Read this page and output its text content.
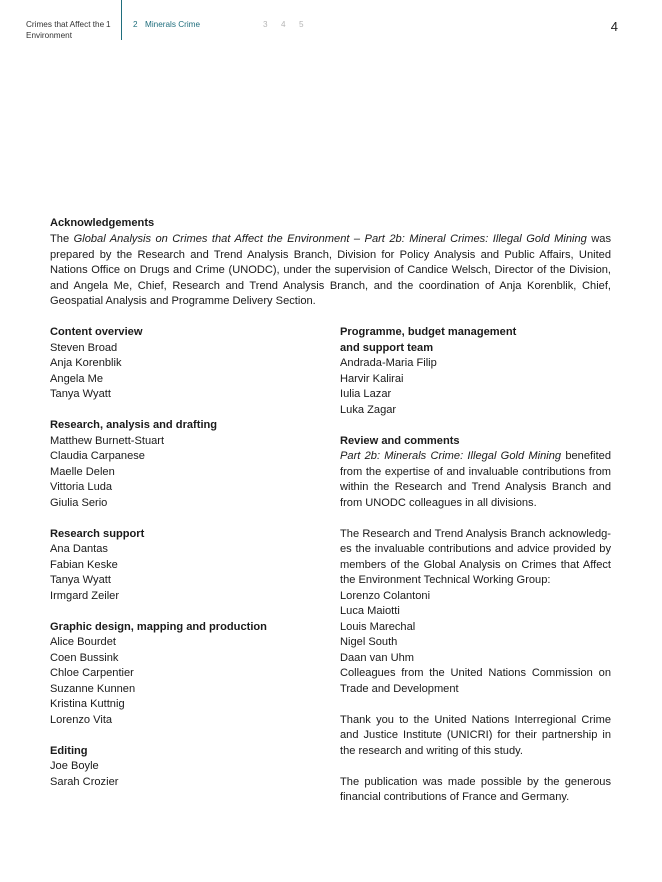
Crimes that Affect the Environment
1	2 Minerals Crime	3 4 5	4
Acknowledgements

The Global Analysis on Crimes that Affect the Environment – Part 2b: Mineral Crimes: Illegal Gold Mining was prepared by the Research and Trend Analysis Branch, Division for Policy Analysis and Public Affairs, United Nations Office on Drugs and Crime (UNODC), under the supervision of Candice Welsch, Director of the Division, and Angela Me, Chief, Research and Trend Analysis Branch, and the coordination of Anja Korenblik, Chief, Geospatial Analysis and Programme Delivery Section.

Content overview
Steven Broad
Anja Korenblik
Angela Me
Tanya Wyatt
Research, analysis and drafting
Matthew Burnett-Stuart
Claudia Carpanese
Maelle Delen
Vittoria Luda
Giulia Serio
Research support
Ana Dantas
Fabian Keske
Tanya Wyatt
Irmgard Zeiler
Graphic design, mapping and production
Alice Bourdet
Coen Bussink
Chloe Carpentier
Suzanne Kunnen
Kristina Kuttnig
Lorenzo Vita
Editing
Joe Boyle
Sarah Crozier
Programme, budget management
and support team
Andrada-Maria Filip
Harvir Kalirai
Iulia Lazar
Luka Zagar
Review and comments

Part 2b: Minerals Crime: Illegal Gold Mining benefited from the expertise of and invaluable contributions from within the Research and Trend Analysis Branch and from UNODC colleagues in all divisions.

The Research and Trend Analysis Branch acknowledges the invaluable contributions and advice provided by members of the Global Analysis on Crimes that Affect the Environment Technical Working Group:

Lorenzo Colantoni
Luca Maiotti
Louis Marechal
Nigel South
Daan van Uhm

Colleagues from the United Nations Commission on Trade and Development

Thank you to the United Nations Interregional Crime and Justice Institute (UNICRI) for their partnership in the research and writing of this study.

The publication was made possible by the generous financial contributions of France and Germany.
